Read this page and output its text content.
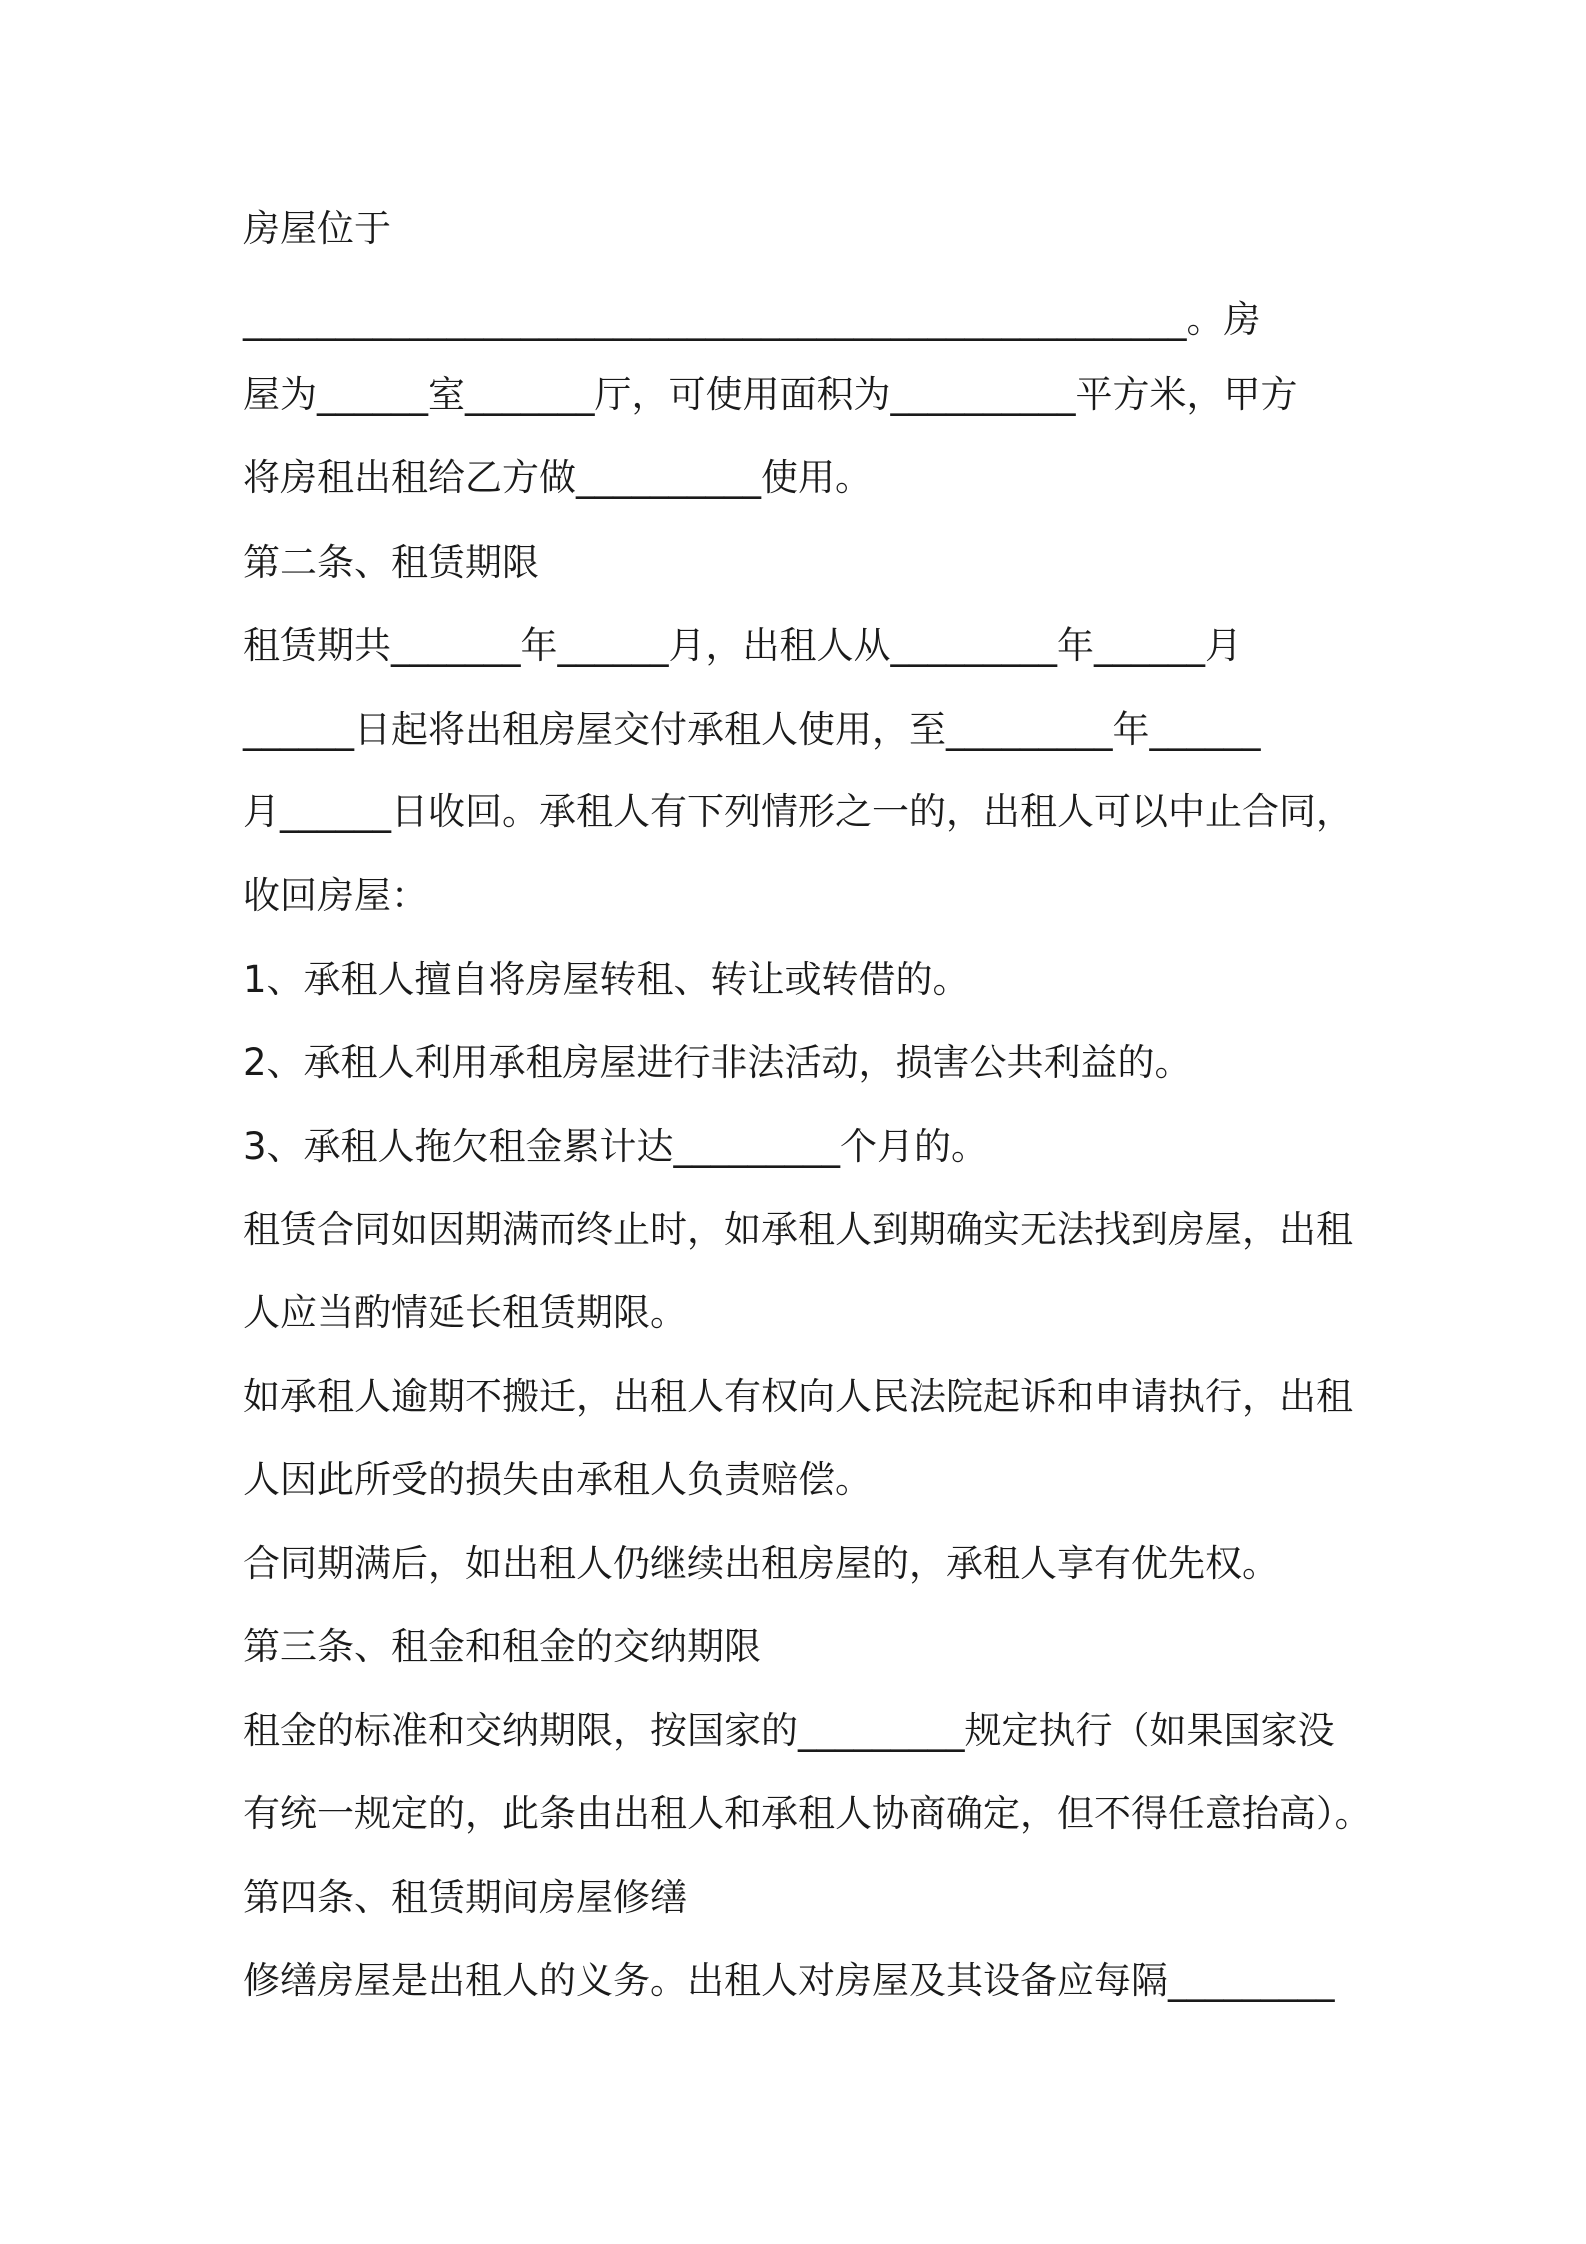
房屋位于

___________________________________________________。房

屋为______室_______厅，可使用面积为__________平方米，甲方

将房租出租给乙方做__________使用。

第二条、租赁期限

租赁期共_______年______月，出租人从_________年______月

______日起将出租房屋交付承租人使用，至_________年______

月______日收回。承租人有下列情形之一的，出租人可以中止合同，

收回房屋：

1、承租人擅自将房屋转租、转让或转借的。

2、承租人利用承租房屋进行非法活动，损害公共利益的。

3、承租人拖欠租金累计达_________个月的。

租赁合同如因期满而终止时，如承租人到期确实无法找到房屋，出租

人应当酌情延长租赁期限。

如承租人逾期不搬迁，出租人有权向人民法院起诉和申请执行，出租

人因此所受的损失由承租人负责赔偿。

合同期满后，如出租人仍继续出租房屋的，承租人享有优先权。

第三条、租金和租金的交纳期限

租金的标准和交纳期限，按国家的_________规定执行（如果国家没

有统一规定的，此条由出租人和承租人协商确定，但不得任意抬高）。

第四条、租赁期间房屋修缮

修缮房屋是出租人的义务。出租人对房屋及其设备应每隔_________
